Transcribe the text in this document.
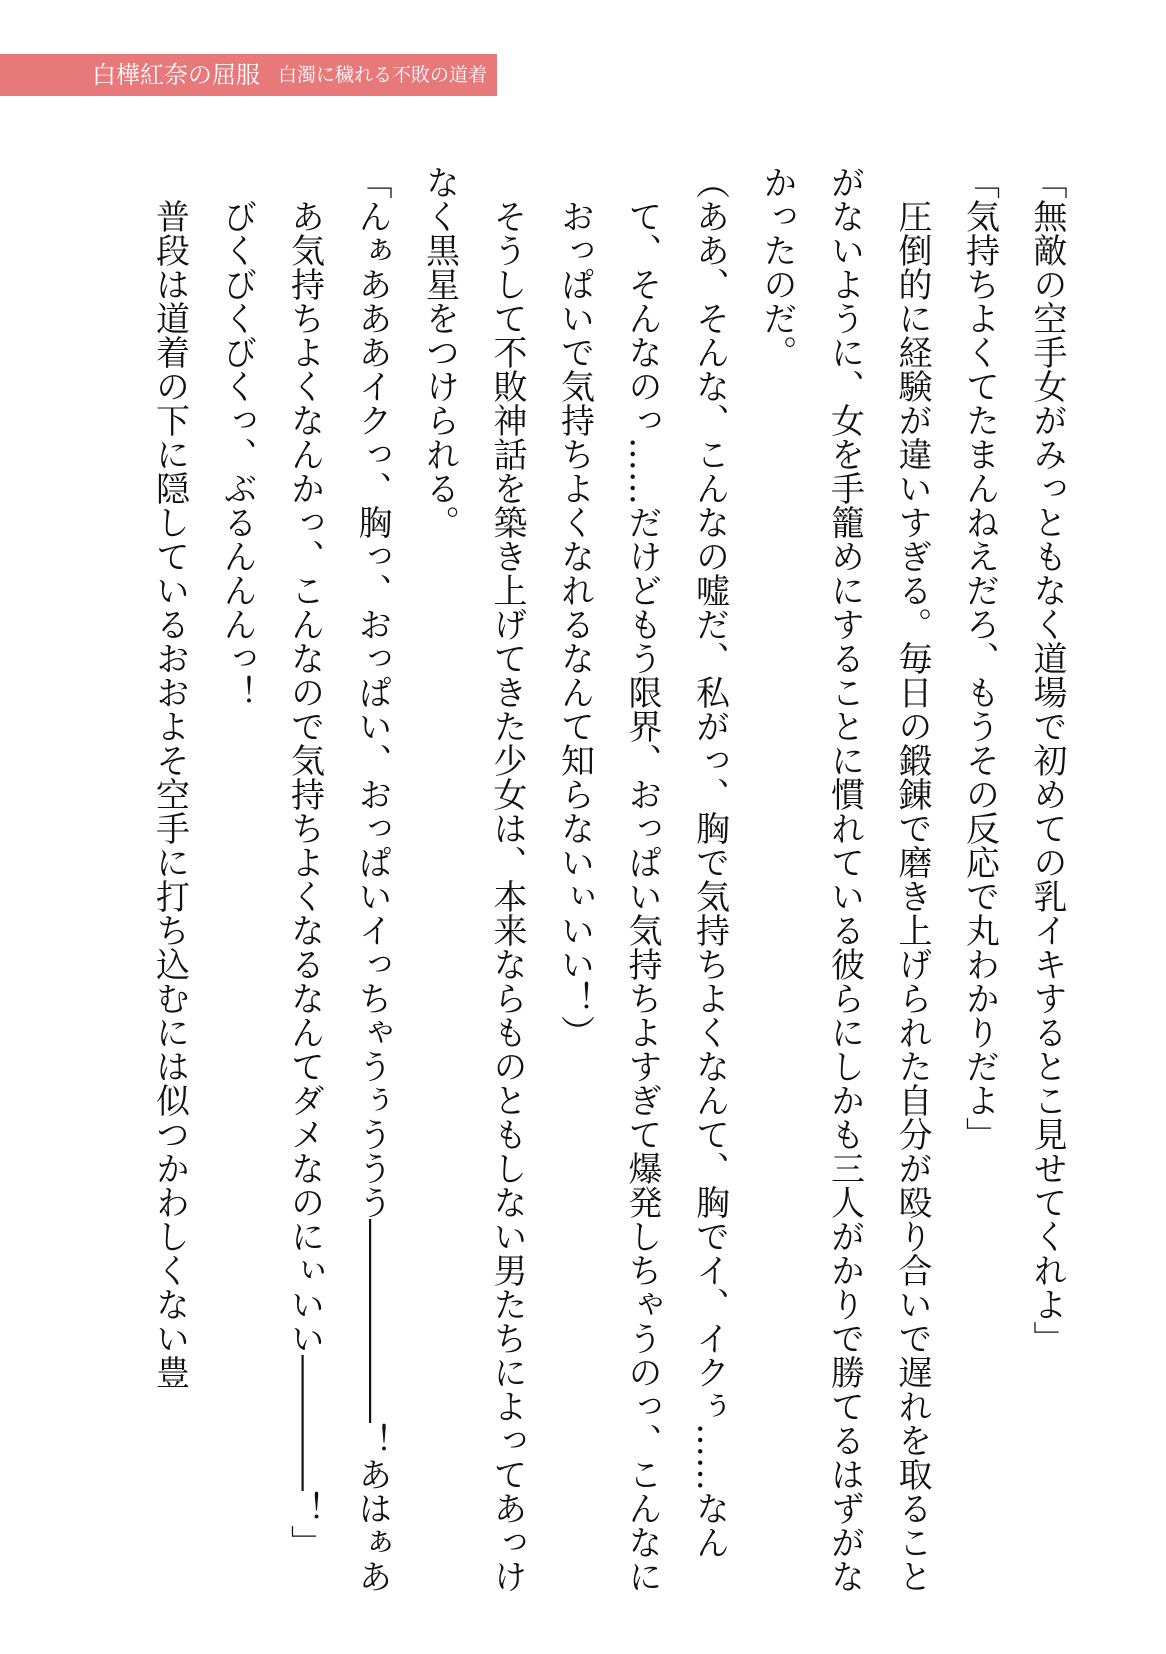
白樺紅奈の屈服 白濁に穢れる不敗の道着

「無敵の空手女がみっともなく道場で初めての乳イキするとこ見せてくれよ」

「気持ちよくてたまんねえだろ、もうその反応で丸わかりだよ」

圧倒的に経験が違いすぎる。毎日の鍛錬で磨き上げられた自分が殴り合いで遅れを取ることがないように、女を手籠めにすることに慣れている彼らにしかも三人がかりで勝てるはずがなかったのだ。

（ああ、そんな、こんなの嘘だ、私がっ、胸で気持ちよくなんて、胸でイ、イクぅ……なんて、そんなのっ……だけどもう限界、おっぱい気持ちよすぎて爆発しちゃうのっ、こんなにおっぱいで気持ちよくなれるなんて知らないぃいい！）

そうして不敗神話を築き上げてきた少女は、本来ならものともしない男たちによってあっけなく黒星をつけられる。

「んぁあああイクっ、胸っ、おっぱい、おっぱいイっちゃうぅううう――――――！あはぁああ気持ちよくなんかっ、こんなので気持ちよくなるなんてダメなのにぃいい――――！」

びくびくびくっ、ぶるんんんっ！

普段は道着の下に隠しているおおよそ空手に打ち込むには似つかわしくない豊
